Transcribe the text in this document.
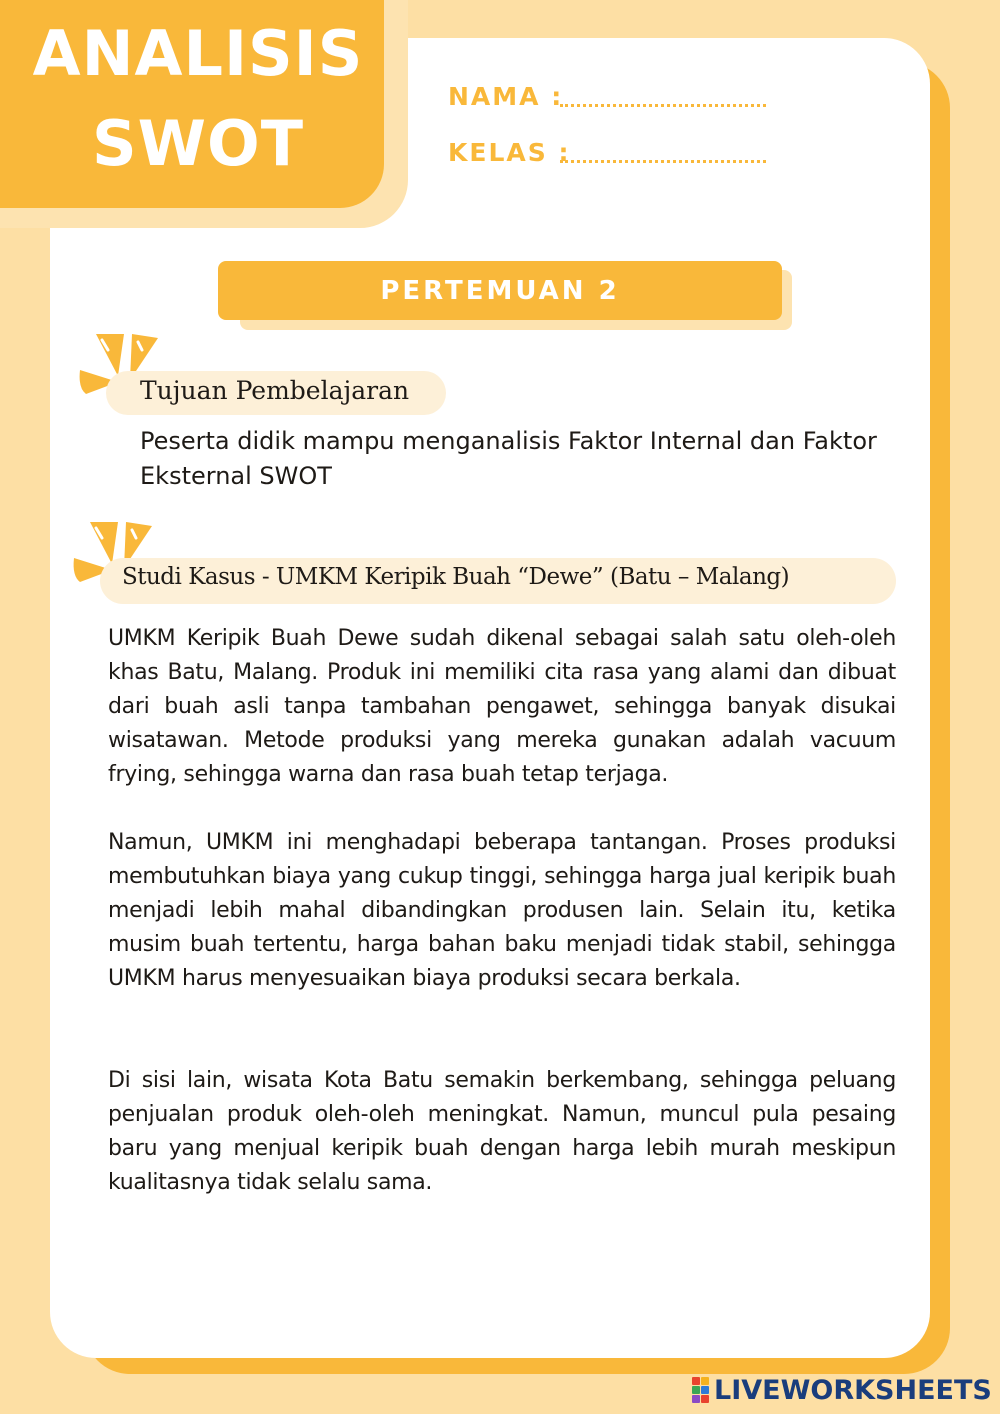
ANALISIS
SWOT
NAMA :
KELAS :
PERTEMUAN 2
Tujuan Pembelajaran

Peserta didik mampu menganalisis Faktor Internal dan Faktor Eksternal SWOT

Studi Kasus - UMKM Keripik Buah “Dewe” (Batu – Malang)

UMKM Keripik Buah Dewe sudah dikenal sebagai salah satu oleh-oleh khas Batu, Malang. Produk ini memiliki cita rasa yang alami dan dibuat dari buah asli tanpa tambahan pengawet, sehingga banyak disukai wisatawan. Metode produksi yang mereka gunakan adalah vacuum frying, sehingga warna dan rasa buah tetap terjaga.

Namun, UMKM ini menghadapi beberapa tantangan. Proses produksi membutuhkan biaya yang cukup tinggi, sehingga harga jual keripik buah menjadi lebih mahal dibandingkan produsen lain. Selain itu, ketika musim buah tertentu, harga bahan baku menjadi tidak stabil, sehingga UMKM harus menyesuaikan biaya produksi secara berkala.

Di sisi lain, wisata Kota Batu semakin berkembang, sehingga peluang penjualan produk oleh-oleh meningkat. Namun, muncul pula pesaing baru yang menjual keripik buah dengan harga lebih murah meskipun kualitasnya tidak selalu sama.

LIVEWORKSHEETS
